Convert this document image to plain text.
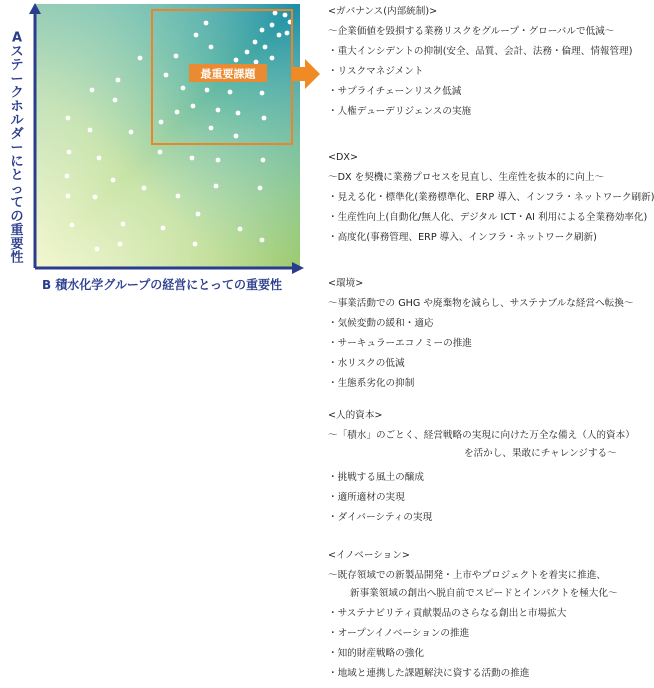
最重要課題
A
ス
テ
ー
ク
ホ
ル
ダ
ー
に
と
っ
て
の
重
要
性
B 積水化学グループの経営にとっての重要性
<ガバナンス(内部統制)>
～企業価値を毀損する業務リスクをグループ・グローバルで低減～
・重大インシデントの抑制(安全、品質、会計、法務・倫理、情報管理)
・リスクマネジメント
・サプライチェーンリスク低減
・人権デューデリジェンスの実施
<DX>
～DX を契機に業務プロセスを見直し、生産性を抜本的に向上～
・見える化・標準化(業務標準化、ERP 導入、インフラ・ネットワーク刷新)
・生産性向上(自動化/無人化、デジタル ICT・AI 利用による全業務効率化)
・高度化(事務管理、ERP 導入、インフラ・ネットワーク刷新)
<環境>
～事業活動での GHG や廃棄物を減らし、サステナブルな経営へ転換～
・気候変動の緩和・適応
・サーキュラーエコノミーの推進
・水リスクの低減
・生態系劣化の抑制
<人的資本>
～「積水」のごとく、経営戦略の実現に向けた万全な備え（人的資本）
を活かし、果敢にチャレンジする～
・挑戦する風土の醸成
・適所適材の実現
・ダイバーシティの実現
<イノベーション>
～既存領域での新製品開発・上市やプロジェクトを着実に推進、
新事業領域の創出へ脱自前でスピードとインパクトを極大化～
・サステナビリティ貢献製品のさらなる創出と市場拡大
・オープンイノベーションの推進
・知的財産戦略の強化
・地域と連携した課題解決に資する活動の推進
